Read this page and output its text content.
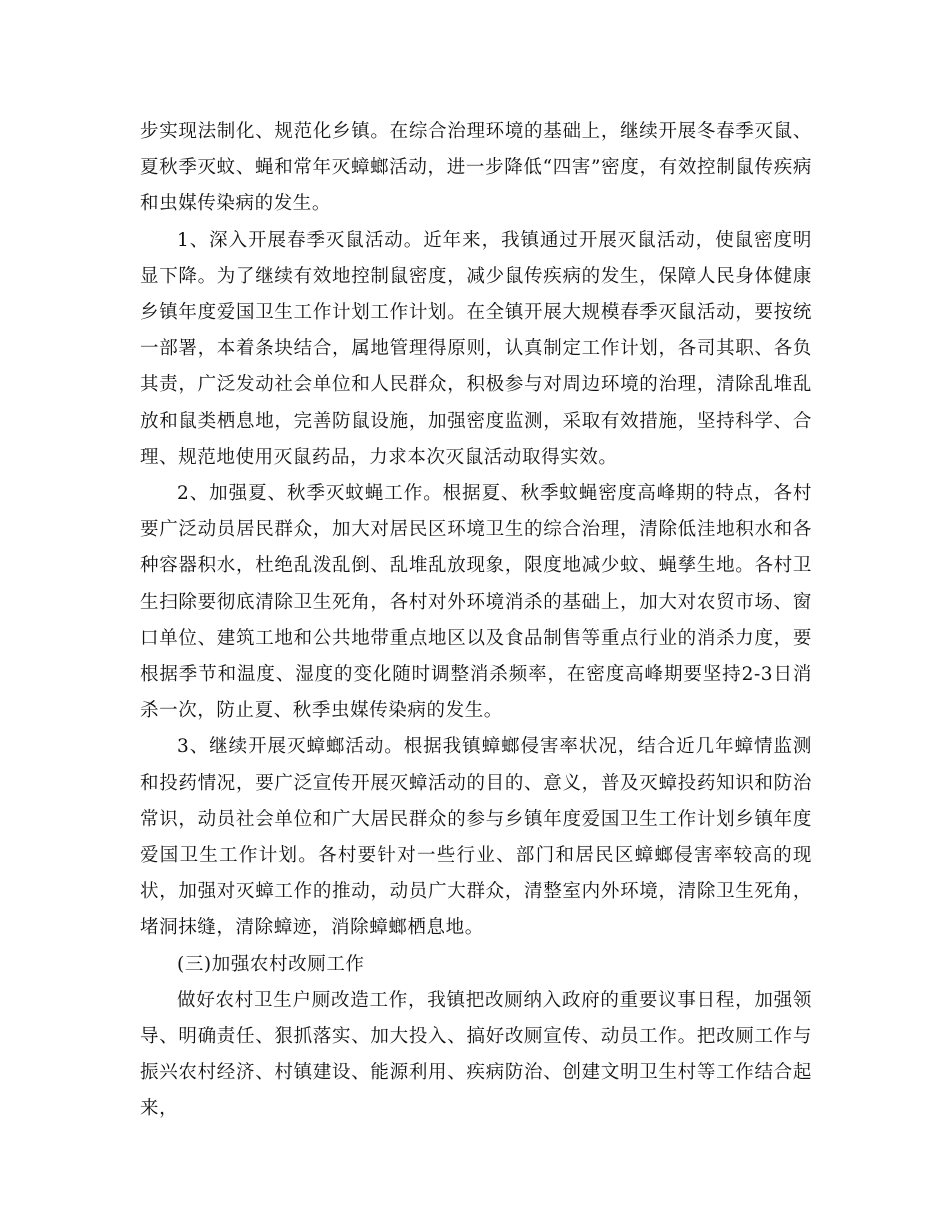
步实现法制化、规范化乡镇。在综合治理环境的基础上，继续开展冬春季灭鼠、夏秋季灭蚊、蝇和常年灭蟑螂活动，进一步降低“四害”密度，有效控制鼠传疾病和虫媒传染病的发生。

1、深入开展春季灭鼠活动。近年来，我镇通过开展灭鼠活动，使鼠密度明显下降。为了继续有效地控制鼠密度，减少鼠传疾病的发生，保障人民身体健康乡镇年度爱国卫生工作计划工作计划。在全镇开展大规模春季灭鼠活动，要按统一部署，本着条块结合，属地管理得原则，认真制定工作计划，各司其职、各负其责，广泛发动社会单位和人民群众，积极参与对周边环境的治理，清除乱堆乱放和鼠类栖息地，完善防鼠设施，加强密度监测，采取有效措施，坚持科学、合理、规范地使用灭鼠药品，力求本次灭鼠活动取得实效。

2、加强夏、秋季灭蚊蝇工作。根据夏、秋季蚊蝇密度高峰期的特点，各村要广泛动员居民群众，加大对居民区环境卫生的综合治理，清除低洼地积水和各种容器积水，杜绝乱泼乱倒、乱堆乱放现象，限度地减少蚊、蝇孳生地。各村卫生扫除要彻底清除卫生死角，各村对外环境消杀的基础上，加大对农贸市场、窗口单位、建筑工地和公共地带重点地区以及食品制售等重点行业的消杀力度，要根据季节和温度、湿度的变化随时调整消杀频率，在密度高峰期要坚持2-3日消杀一次，防止夏、秋季虫媒传染病的发生。

3、继续开展灭蟑螂活动。根据我镇蟑螂侵害率状况，结合近几年蟑情监测和投药情况，要广泛宣传开展灭蟑活动的目的、意义，普及灭蟑投药知识和防治常识，动员社会单位和广大居民群众的参与乡镇年度爱国卫生工作计划乡镇年度爱国卫生工作计划。各村要针对一些行业、部门和居民区蟑螂侵害率较高的现状，加强对灭蟑工作的推动，动员广大群众，清整室内外环境，清除卫生死角，堵洞抹缝，清除蟑迹，消除蟑螂栖息地。

(三)加强农村改厕工作

做好农村卫生户厕改造工作，我镇把改厕纳入政府的重要议事日程，加强领导、明确责任、狠抓落实、加大投入、搞好改厕宣传、动员工作。把改厕工作与振兴农村经济、村镇建设、能源利用、疾病防治、创建文明卫生村等工作结合起来，
